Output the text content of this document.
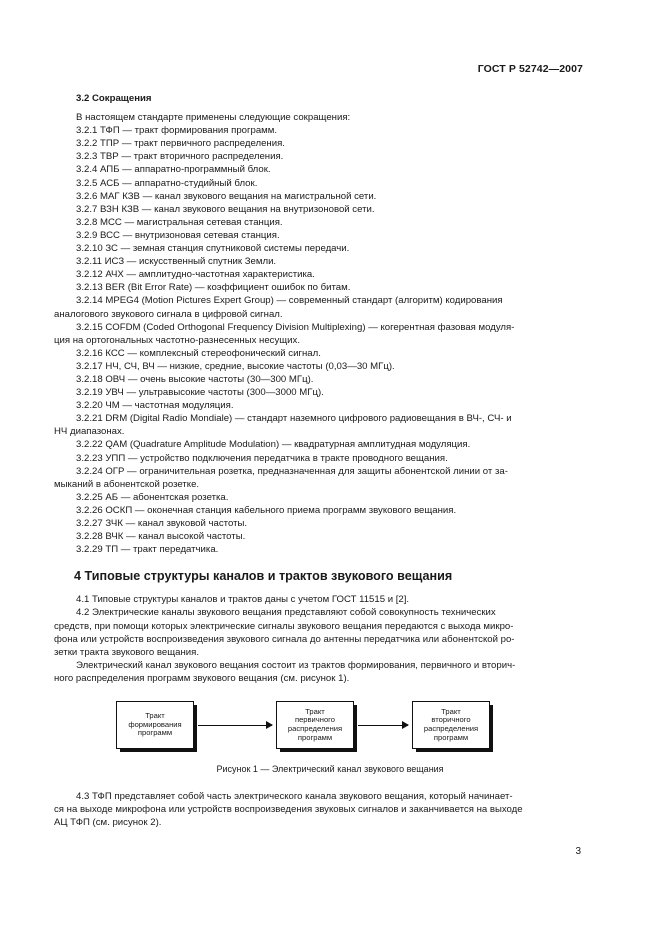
ГОСТ Р 52742—2007
3.2 Сокращения
В настоящем стандарте применены следующие сокращения:
3.2.1 ТФП — тракт формирования программ.
3.2.2 ТПР — тракт первичного распределения.
3.2.3 ТВР — тракт вторичного распределения.
3.2.4 АПБ — аппаратно-программный блок.
3.2.5 АСБ — аппаратно-студийный блок.
3.2.6 МАГ КЗВ — канал звукового вещания на магистральной сети.
3.2.7 ВЗН КЗВ — канал звукового вещания на внутризоновой сети.
3.2.8 МСС — магистральная сетевая станция.
3.2.9 ВСС — внутризоновая сетевая станция.
3.2.10 ЗС — земная станция спутниковой системы передачи.
3.2.11 ИСЗ — искусственный спутник Земли.
3.2.12 АЧХ — амплитудно-частотная характеристика.
3.2.13 BER (Bit Error Rate) — коэффициент ошибок по битам.
3.2.14 MPEG4 (Motion Pictures Expert Group) — современный стандарт (алгоритм) кодирования
аналогового звукового сигнала в цифровой сигнал.
3.2.15 COFDM (Coded Orthogonal Frequency Division Multiplexing) — когерентная фазовая модуля-
ция на ортогональных частотно-разнесенных несущих.
3.2.16 КСС — комплексный стереофонический сигнал.
3.2.17 НЧ, СЧ, ВЧ — низкие, средние, высокие частоты (0,03—30 МГц).
3.2.18 ОВЧ — очень высокие частоты (30—300 МГц).
3.2.19 УВЧ — ультравысокие частоты (300—3000 МГц).
3.2.20 ЧМ — частотная модуляция.
3.2.21 DRM (Digital Radio Mondiale) — стандарт наземного цифрового радиовещания в ВЧ-, СЧ- и
НЧ диапазонах.
3.2.22 QAM (Quadrature Amplitude Modulation) — квадратурная амплитудная модуляция.
3.2.23 УПП — устройство подключения передатчика в тракте проводного вещания.
3.2.24 ОГР — ограничительная розетка, предназначенная для защиты абонентской линии от за-
мыканий в абонентской розетке.
3.2.25 АБ — абонентская розетка.
3.2.26 ОСКП — оконечная станция кабельного приема программ звукового вещания.
3.2.27 ЗЧК — канал звуковой частоты.
3.2.28 ВЧК — канал высокой частоты.
3.2.29 ТП — тракт передатчика.
4 Типовые структуры каналов и трактов звукового вещания
4.1 Типовые структуры каналов и трактов даны с учетом ГОСТ 11515 и [2].
4.2 Электрические каналы звукового вещания представляют собой совокупность технических
средств, при помощи которых электрические сигналы звукового вещания передаются с выхода микро-
фона или устройств воспроизведения звукового сигнала до антенны передатчика или абонентской ро-
зетки тракта звукового вещания.
Электрический канал звукового вещания состоит из трактов формирования, первичного и вторич-
ного распределения программ звукового вещания (см. рисунок 1).
Тракт
формирования
программ
Тракт
первичного
распределения
программ
Тракт
вторичного
распределения
программ
Рисунок 1 — Электрический канал звукового вещания
4.3 ТФП представляет собой часть электрического канала звукового вещания, который начинает-
ся на выходе микрофона или устройств воспроизведения звуковых сигналов и заканчивается на выходе
АЦ ТФП (см. рисунок 2).
3
